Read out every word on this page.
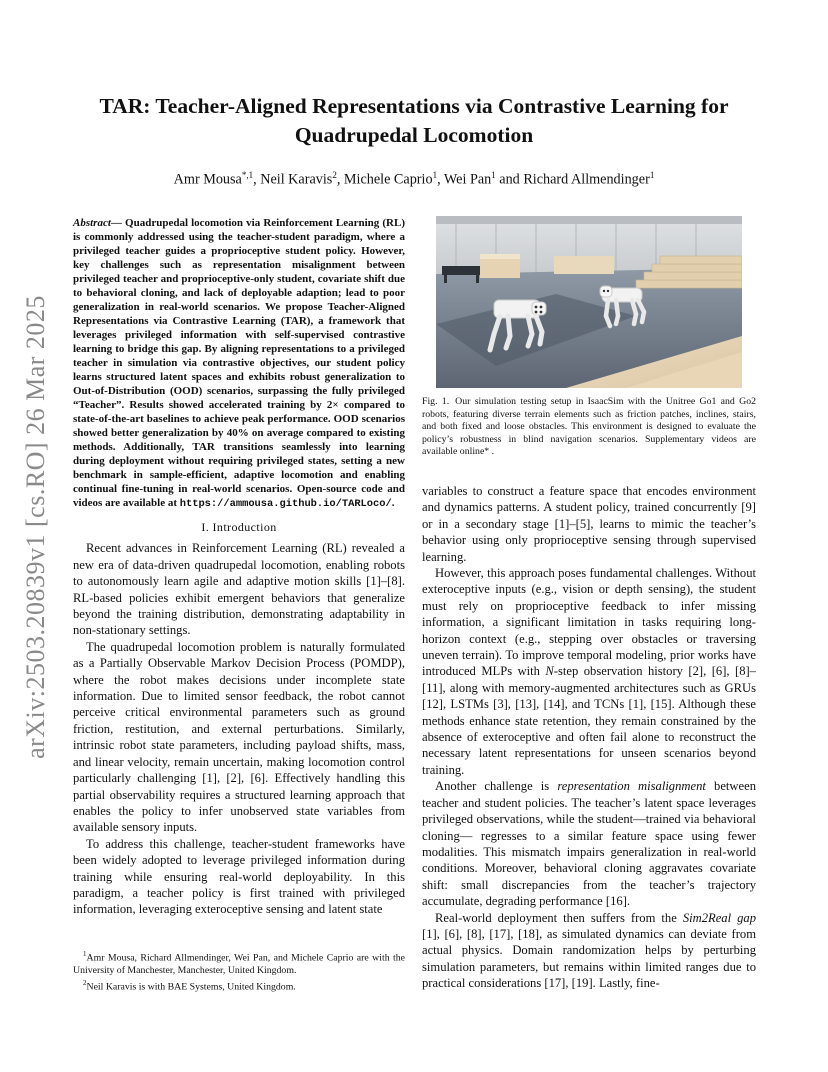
arXiv:2503.20839v1 [cs.RO] 26 Mar 2025
TAR: Teacher-Aligned Representations via Contrastive Learning for
Quadrupedal Locomotion
Amr Mousa$^{*,1}$, Neil Karavis$^2$, Michele Caprio$^1$, Wei Pan$^1$ and Richard Allmendinger$^1$
Abstract— Quadrupedal locomotion via Reinforcement Learning (RL) is commonly addressed using the teacher-student paradigm, where a privileged teacher guides a proprioceptive student policy. However, key challenges such as representation misalignment between privileged teacher and proprioceptive-only student, covariate shift due to behavioral cloning, and lack of deployable adaption; lead to poor generalization in real-world scenarios. We propose Teacher-Aligned Representations via Contrastive Learning (TAR), a framework that leverages privileged information with self-supervised contrastive learning to bridge this gap. By aligning representations to a privileged teacher in simulation via contrastive objectives, our student policy learns structured latent spaces and exhibits robust generalization to Out-of-Distribution (OOD) scenarios, surpassing the fully privileged “Teacher”. Results showed accelerated training by 2× compared to state-of-the-art baselines to achieve peak performance. OOD scenarios showed better generalization by 40% on average compared to existing methods. Additionally, TAR transitions seamlessly into learning during deployment without requiring privileged states, setting a new benchmark in sample-efficient, adaptive locomotion and enabling continual fine-tuning in real-world scenarios. Open-source code and videos are available at https://ammousa.github.io/TARLoco/.
I. Introduction

Recent advances in Reinforcement Learning (RL) revealed a new era of data-driven quadrupedal locomotion, enabling robots to autonomously learn agile and adaptive motion skills [1]–[8]. RL-based policies exhibit emergent behaviors that generalize beyond the training distribution, demonstrating adaptability in non-stationary settings.

The quadrupedal locomotion problem is naturally formulated as a Partially Observable Markov Decision Process (POMDP), where the robot makes decisions under incomplete state information. Due to limited sensor feedback, the robot cannot perceive critical environmental parameters such as ground friction, restitution, and external perturbations. Similarly, intrinsic robot state parameters, including payload shifts, mass, and linear velocity, remain uncertain, making locomotion control particularly challenging [1], [2], [6]. Effectively handling this partial observability requires a structured learning approach that enables the policy to infer unobserved state variables from available sensory inputs.

To address this challenge, teacher-student frameworks have been widely adopted to leverage privileged information during training while ensuring real-world deployability. In this paradigm, a teacher policy is first trained with privileged information, leveraging exteroceptive sensing and latent state

$^1$Amr Mousa, Richard Allmendinger, Wei Pan, and Michele Caprio are with the University of Manchester, Manchester, United Kingdom.

$^2$Neil Karavis is with BAE Systems, United Kingdom.

Fig. 1. Our simulation testing setup in IsaacSim with the Unitree Go1 and Go2 robots, featuring diverse terrain elements such as friction patches, inclines, stairs, and both fixed and loose obstacles. This environment is designed to evaluate the policy’s robustness in blind navigation scenarios. Supplementary videos are available online* .

variables to construct a feature space that encodes environment and dynamics patterns. A student policy, trained concurrently [9] or in a secondary stage [1]–[5], learns to mimic the teacher’s behavior using only proprioceptive sensing through supervised learning.

However, this approach poses fundamental challenges. Without exteroceptive inputs (e.g., vision or depth sensing), the student must rely on proprioceptive feedback to infer missing information, a significant limitation in tasks requiring long-horizon context (e.g., stepping over obstacles or traversing uneven terrain). To improve temporal modeling, prior works have introduced MLPs with N-step observation history [2], [6], [8]–[11], along with memory-augmented architectures such as GRUs [12], LSTMs [3], [13], [14], and TCNs [1], [15]. Although these methods enhance state retention, they remain constrained by the absence of exteroceptive and often fail alone to reconstruct the necessary latent representations for unseen scenarios beyond training.

Another challenge is representation misalignment between teacher and student policies. The teacher’s latent space leverages privileged observations, while the student—trained via behavioral cloning— regresses to a similar feature space using fewer modalities. This mismatch impairs generalization in real-world conditions. Moreover, behavioral cloning aggravates covariate shift: small discrepancies from the teacher’s trajectory accumulate, degrading performance [16].

Real-world deployment then suffers from the Sim2Real gap [1], [6], [8], [17], [18], as simulated dynamics can deviate from actual physics. Domain randomization helps by perturbing simulation parameters, but remains within limited ranges due to practical considerations [17], [19]. Lastly, fine-
